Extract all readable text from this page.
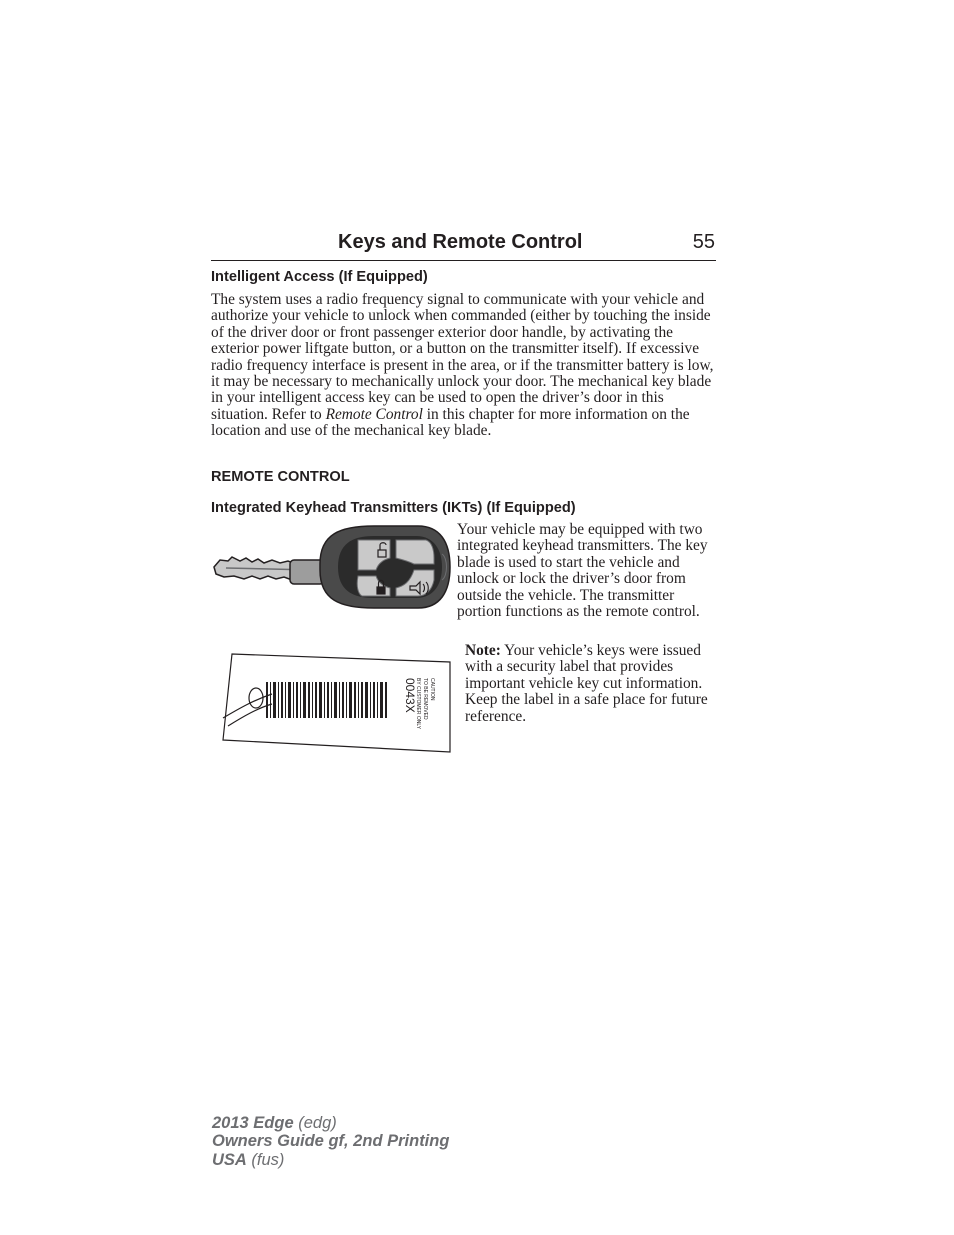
Keys and Remote Control	55
Intelligent Access (If Equipped)

The system uses a radio frequency signal to communicate with your vehicle and authorize your vehicle to unlock when commanded (either by touching the inside of the driver door or front passenger exterior door handle, by activating the exterior power liftgate button, or a button on the transmitter itself). If excessive radio frequency interface is present in the area, or if the transmitter battery is low, it may be necessary to mechanically unlock your door. The mechanical key blade in your intelligent access key can be used to open the driver’s door in this situation. Refer to Remote Control in this chapter for more information on the location and use of the mechanical key blade.

REMOTE CONTROL
Integrated Keyhead Transmitters (IKTs) (If Equipped)

Your vehicle may be equipped with two integrated keyhead transmitters. The key blade is used to start the vehicle and unlock or lock the driver’s door from outside the vehicle. The transmitter portion functions as the remote control.

0043X
BY CUSTOMER ONLY TO BE REMOVED CAUTION

Note: Your vehicle’s keys were issued with a security label that provides important vehicle key cut information. Keep the label in a safe place for future reference.

2013 Edge (edg)
Owners Guide gf, 2nd Printing
USA (fus)
